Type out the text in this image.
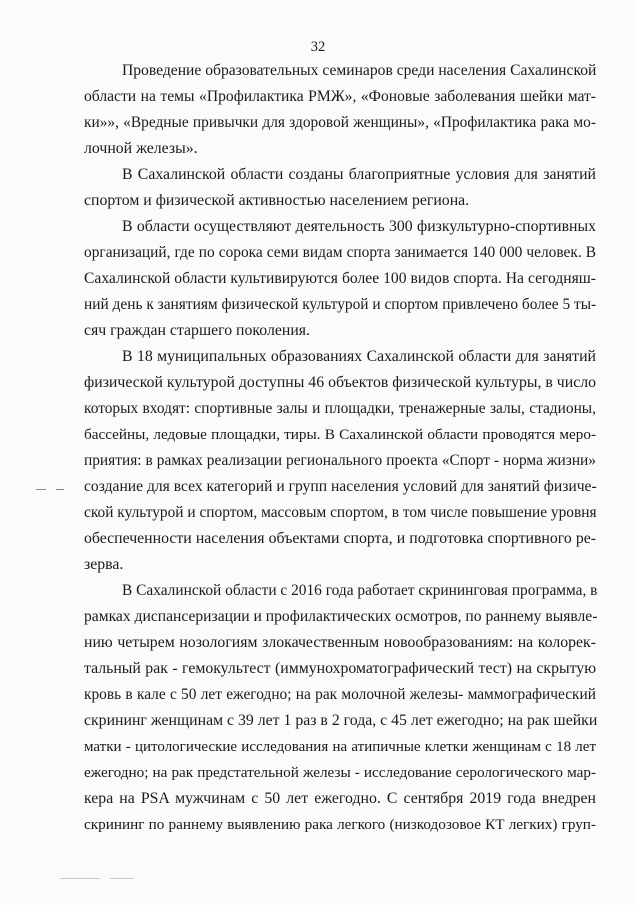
32
Проведение образовательных семинаров среди населения Сахалинской
области на темы «Профилактика РМЖ», «Фоновые заболевания шейки мат-
ки»», «Вредные привычки для здоровой женщины», «Профилактика рака мо-
лочной железы».
В Сахалинской области созданы благоприятные условия для занятий
спортом и физической активностью населением региона.
В области осуществляют деятельность 300 физкультурно-спортивных
организаций, где по сорока семи видам спорта занимается 140 000 человек. В
Сахалинской области культивируются более 100 видов спорта. На сегодняш-
ний день к занятиям физической культурой и спортом привлечено более 5 ты-
сяч граждан старшего поколения.
В 18 муниципальных образованиях Сахалинской области для занятий
физической культурой доступны 46 объектов физической культуры, в число
которых входят: спортивные залы и площадки, тренажерные залы, стадионы,
бассейны, ледовые площадки, тиры. В Сахалинской области проводятся меро-
приятия: в рамках реализации регионального проекта «Спорт - норма жизни»
создание для всех категорий и групп населения условий для занятий физиче-
ской культурой и спортом, массовым спортом, в том числе повышение уровня
обеспеченности населения объектами спорта, и подготовка спортивного ре-
зерва.
В Сахалинской области с 2016 года работает скрининговая программа, в
рамках диспансеризации и профилактических осмотров, по раннему выявле-
нию четырем нозологиям злокачественным новообразованиям: на колорек-
тальный рак - гемокультест (иммунохроматографический тест) на скрытую
кровь в кале с 50 лет ежегодно; на рак молочной железы- маммографический
скрининг женщинам с 39 лет 1 раз в 2 года, с 45 лет ежегодно; на рак шейки
матки - цитологические исследования на атипичные клетки женщинам с 18 лет
ежегодно; на рак предстательной железы - исследование серологического мар-
кера на PSA мужчинам с 50 лет ежегодно. С сентября 2019 года внедрен
скрининг по раннему выявлению рака легкого (низкодозовое КТ легких) груп-
